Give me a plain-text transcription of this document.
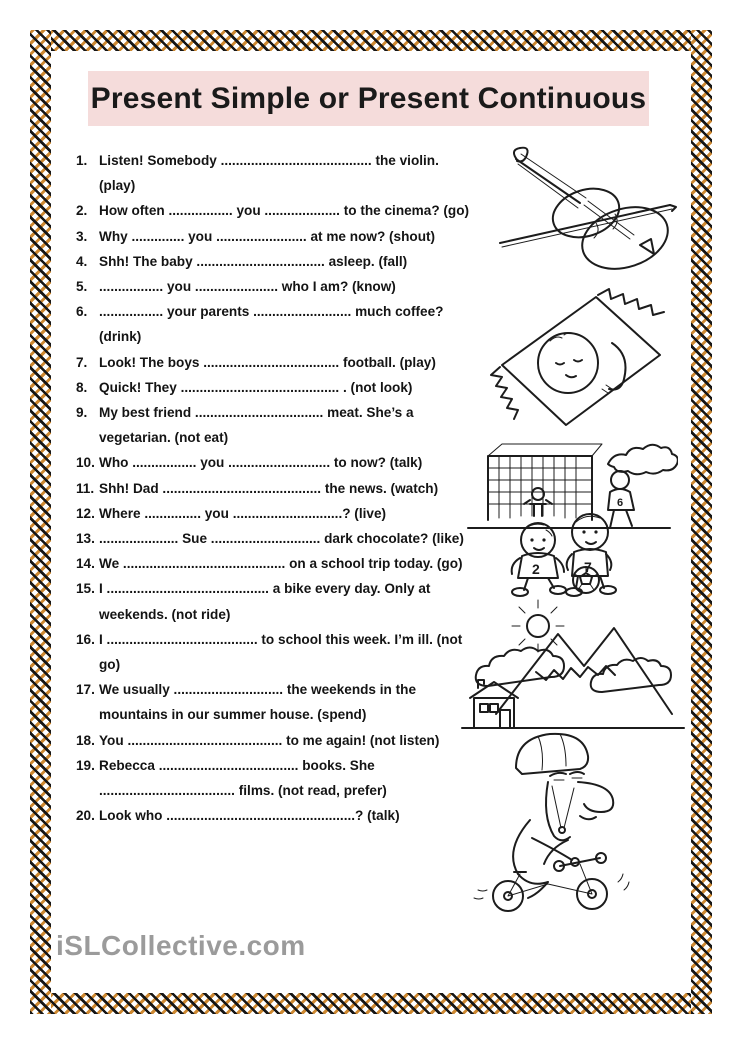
Present Simple or Present Continuous
1. Listen! Somebody ........................................ the violin. (play)
2. How often ................. you .................... to the cinema? (go)
3. Why .............. you ........................ at me now? (shout)
4. Shh! The baby .................................. asleep. (fall)
5. ................. you ...................... who I am? (know)
6. ................. your parents .......................... much coffee? (drink)
7. Look! The boys .................................... football. (play)
8. Quick! They .......................................... . (not look)
9. My best friend .................................. meat. She’s a vegetarian. (not eat)
10. Who ................. you ........................... to now? (talk)
11. Shh! Dad .......................................... the news. (watch)
12. Where ............... you .............................? (live)
13. ..................... Sue ............................. dark chocolate? (like)
14. We ........................................... on a school trip today. (go)
15. I ........................................... a bike every day. Only at weekends. (not ride)
16. I ........................................ to school this week. I’m ill. (not go)
17. We usually ............................. the weekends in the mountains in our summer house. (spend)
18. You ......................................... to me again! (not listen)
19. Rebecca ..................................... books. She .................................... films. (not read, prefer)
20. Look who ..................................................? (talk)
6
2	7
iSLCollective.com
